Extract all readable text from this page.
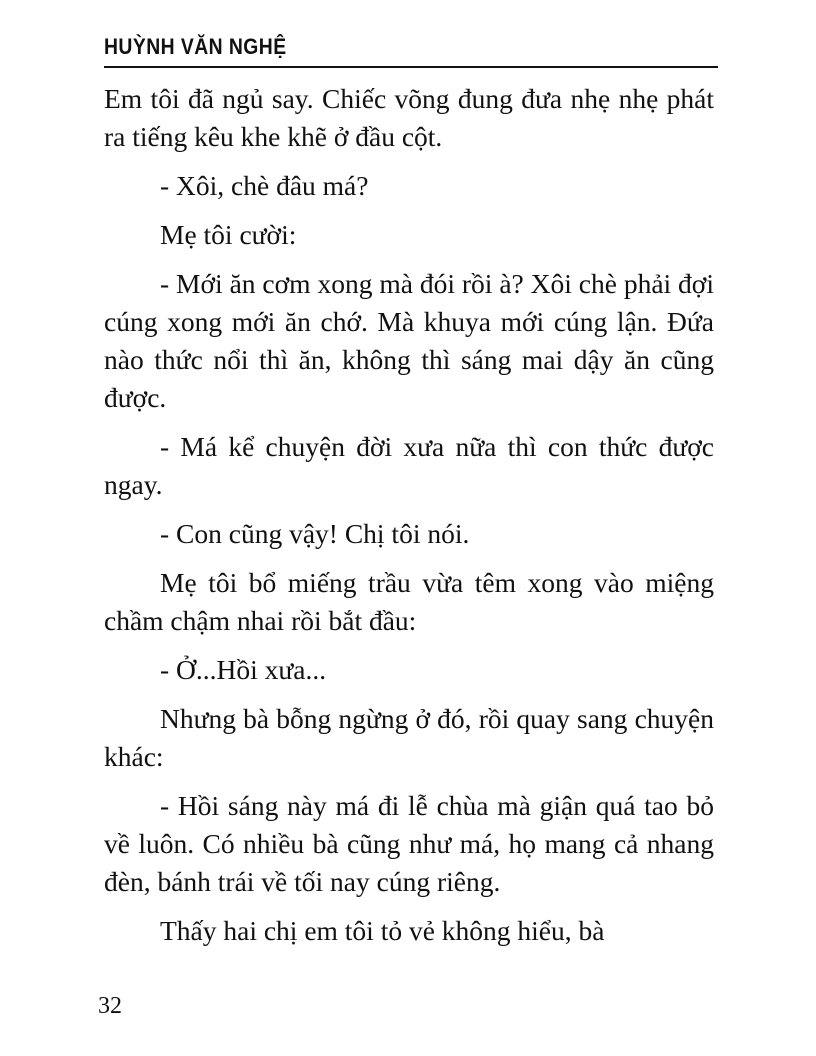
HUỲNH VĂN NGHỆ

Em tôi đã ngủ say. Chiếc võng đung đưa nhẹ nhẹ phát ra tiếng kêu khe khẽ ở đầu cột.

- Xôi, chè đâu má?

Mẹ tôi cười:

- Mới ăn cơm xong mà đói rồi à? Xôi chè phải đợi cúng xong mới ăn chớ. Mà khuya mới cúng lận. Đứa nào thức nổi thì ăn, không thì sáng mai dậy ăn cũng được.

- Má kể chuyện đời xưa nữa thì con thức được ngay.

- Con cũng vậy! Chị tôi nói.

Mẹ tôi bổ miếng trầu vừa têm xong vào miệng chầm chậm nhai rồi bắt đầu:

- Ở...Hồi xưa...

Nhưng bà bỗng ngừng ở đó, rồi quay sang chuyện khác:

- Hồi sáng này má đi lễ chùa mà giận quá tao bỏ về luôn. Có nhiều bà cũng như má, họ mang cả nhang đèn, bánh trái về tối nay cúng riêng.

Thấy hai chị em tôi tỏ vẻ không hiểu, bà

32
